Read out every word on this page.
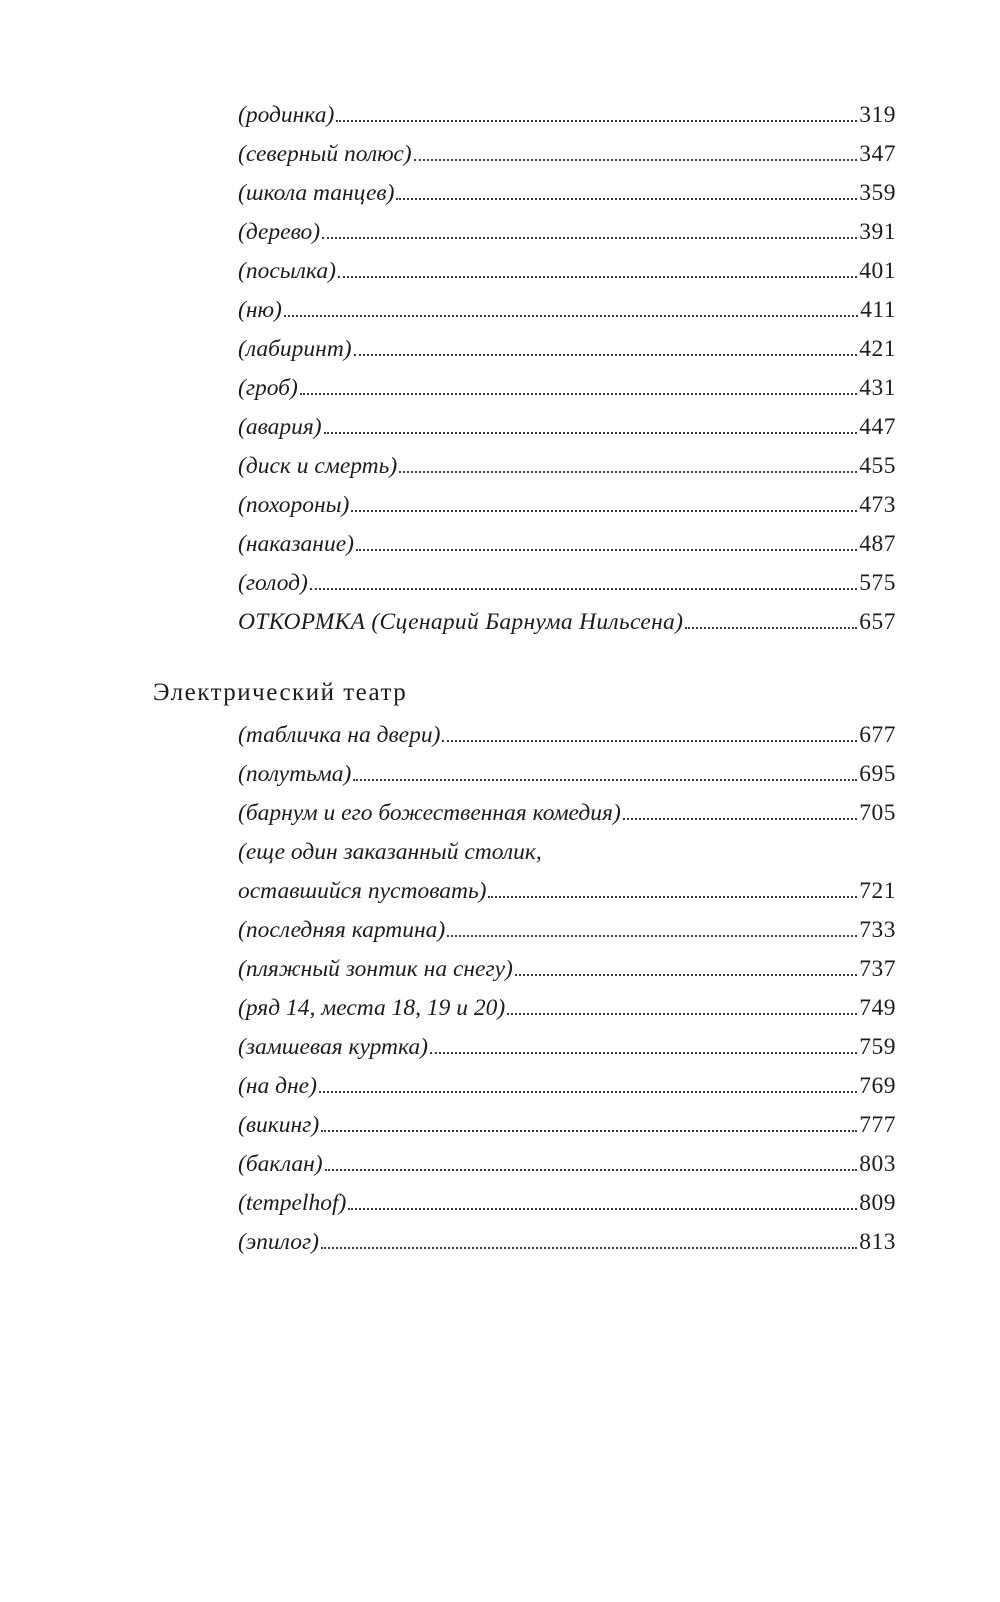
(родинка)	319
(северный полюс)	347
(школа танцев)	359
(дерево)	391
(посылка)	401
(ню)	411
(лабиринт)	421
(гроб)	431
(авария)	447
(диск и смерть)	455
(похороны)	473
(наказание)	487
(голод)	575
ОТКОРМКА (Сценарий Барнума Нильсена)	657
Электрический театр
(табличка на двери)	677
(полутьма)	695
(барнум и его божественная комедия)	705
(еще один заказанный столик,
оставшийся пустовать)	721
(последняя картина)	733
(пляжный зонтик на снегу)	737
(ряд 14, места 18, 19 и 20)	749
(замшевая куртка)	759
(на дне)	769
(викинг)	777
(баклан)	803
(tempelhof)	809
(эпилог)	813
